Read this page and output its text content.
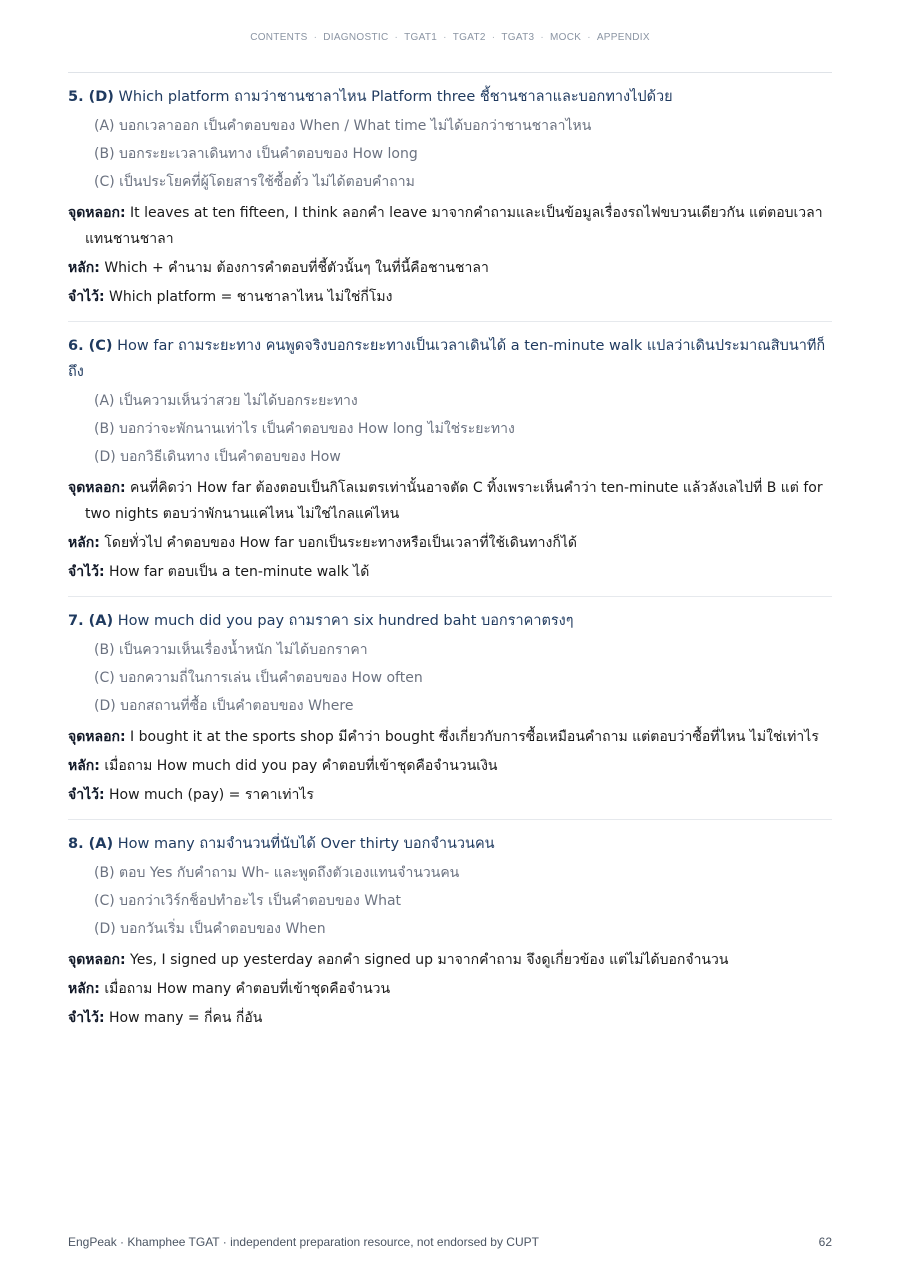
CONTENTS · DIAGNOSTIC · TGAT1 · TGAT2 · TGAT3 · MOCK · APPENDIX
5. (D) Which platform ถามว่าชานชาลาไหน Platform three ชี้ชานชาลาและบอกทางไปด้วย
(A) บอกเวลาออก เป็นคำตอบของ When / What time ไม่ได้บอกว่าชานชาลาไหน
(B) บอกระยะเวลาเดินทาง เป็นคำตอบของ How long
(C) เป็นประโยคที่ผู้โดยสารใช้ซื้อตั๋ว ไม่ได้ตอบคำถาม
จุดหลอก: It leaves at ten fifteen, I think ลอกคำ leave มาจากคำถามและเป็นข้อมูลเรื่องรถไฟขบวนเดียวกัน แต่ตอบเวลาแทนชานชาลา
หลัก: Which + คำนาม ต้องการคำตอบที่ชี้ตัวนั้นๆ ในที่นี้คือชานชาลา
จำไว้: Which platform = ชานชาลาไหน ไม่ใช่กี่โมง
6. (C) How far ถามระยะทาง คนพูดจริงบอกระยะทางเป็นเวลาเดินได้ a ten-minute walk แปลว่าเดินประมาณสิบนาทีก็ถึง
(A) เป็นความเห็นว่าสวย ไม่ได้บอกระยะทาง
(B) บอกว่าจะพักนานเท่าไร เป็นคำตอบของ How long ไม่ใช่ระยะทาง
(D) บอกวิธีเดินทาง เป็นคำตอบของ How
จุดหลอก: คนที่คิดว่า How far ต้องตอบเป็นกิโลเมตรเท่านั้นอาจตัด C ทิ้งเพราะเห็นคำว่า ten-minute แล้วลังเลไปที่ B แต่ for two nights ตอบว่าพักนานแค่ไหน ไม่ใช่ไกลแค่ไหน
หลัก: โดยทั่วไป คำตอบของ How far บอกเป็นระยะทางหรือเป็นเวลาที่ใช้เดินทางก็ได้
จำไว้: How far ตอบเป็น a ten-minute walk ได้
7. (A) How much did you pay ถามราคา six hundred baht บอกราคาตรงๆ
(B) เป็นความเห็นเรื่องน้ำหนัก ไม่ได้บอกราคา
(C) บอกความถี่ในการเล่น เป็นคำตอบของ How often
(D) บอกสถานที่ซื้อ เป็นคำตอบของ Where
จุดหลอก: I bought it at the sports shop มีคำว่า bought ซึ่งเกี่ยวกับการซื้อเหมือนคำถาม แต่ตอบว่าซื้อที่ไหน ไม่ใช่เท่าไร
หลัก: เมื่อถาม How much did you pay คำตอบที่เข้าชุดคือจำนวนเงิน
จำไว้: How much (pay) = ราคาเท่าไร
8. (A) How many ถามจำนวนที่นับได้ Over thirty บอกจำนวนคน
(B) ตอบ Yes กับคำถาม Wh- และพูดถึงตัวเองแทนจำนวนคน
(C) บอกว่าเวิร์กช็อปทำอะไร เป็นคำตอบของ What
(D) บอกวันเริ่ม เป็นคำตอบของ When
จุดหลอก: Yes, I signed up yesterday ลอกคำ signed up มาจากคำถาม จึงดูเกี่ยวข้อง แต่ไม่ได้บอกจำนวน
หลัก: เมื่อถาม How many คำตอบที่เข้าชุดคือจำนวน
จำไว้: How many = กี่คน กี่อัน
EngPeak · Khamphee TGAT · independent preparation resource, not endorsed by CUPT	62
